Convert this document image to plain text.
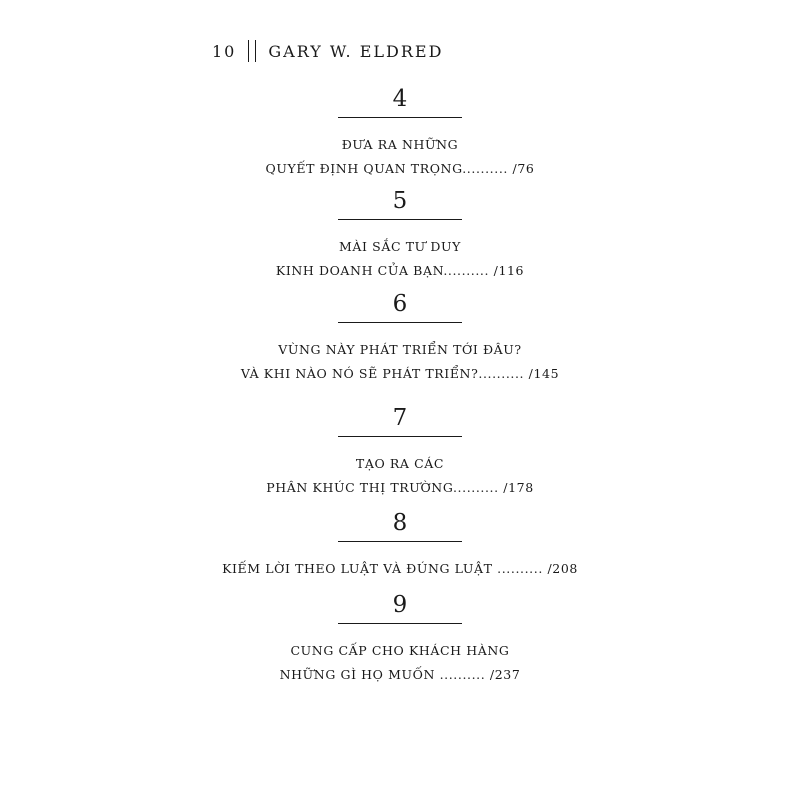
10 GARY W. ELDRED
4
ĐƯA RA NHỮNG
QUYẾT ĐỊNH QUAN TRỌNG.......... /76
5
MÀI SẮC TƯ DUY
KINH DOANH CỦA BẠN.......... /116
6
VÙNG NÀY PHÁT TRIỂN TỚI ĐÂU?
VÀ KHI NÀO NÓ SẼ PHÁT TRIỂN?.......... /145
7
TẠO RA CÁC
PHÂN KHÚC THỊ TRƯỜNG.......... /178
8
KIẾM LỜI THEO LUẬT VÀ ĐÚNG LUẬT .......... /208
9
CUNG CẤP CHO KHÁCH HÀNG
NHỮNG GÌ HỌ MUỐN .......... /237
